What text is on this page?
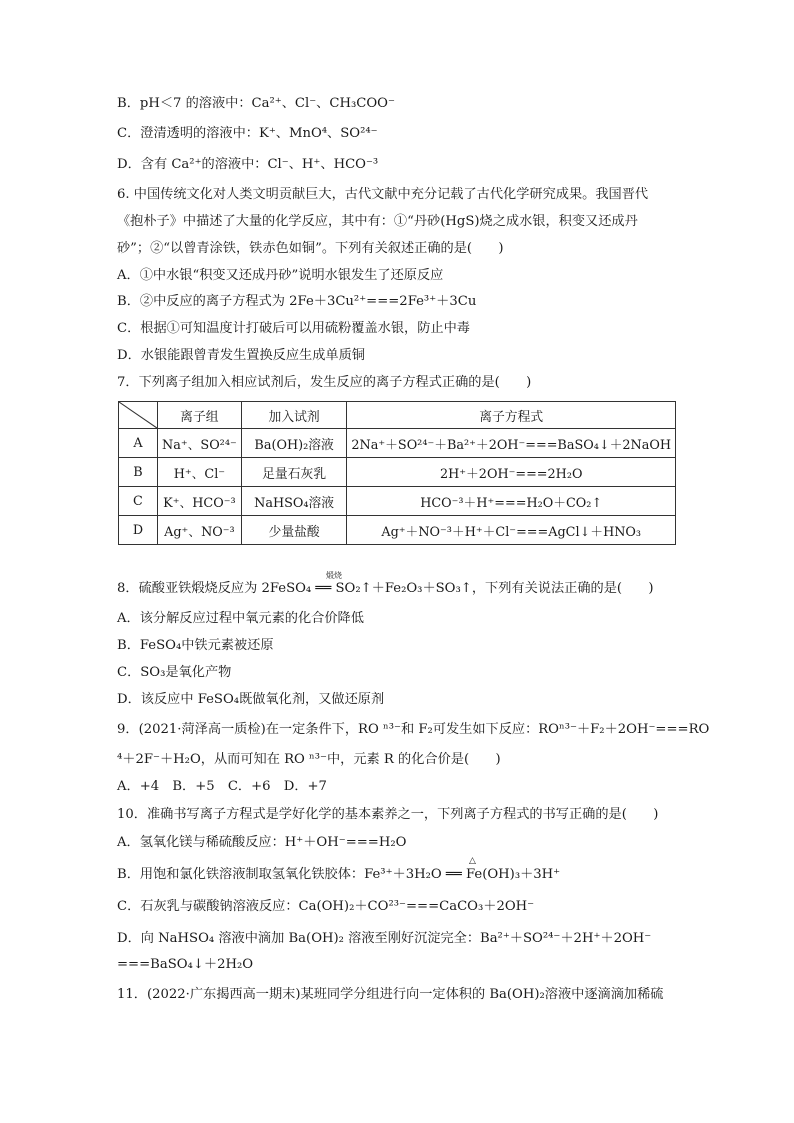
B．pH＜7 的溶液中：Ca²⁺、Cl⁻、CH₃COO⁻
C．澄清透明的溶液中：K⁺、MnO⁴、SO²⁴⁻
D．含有 Ca²⁺的溶液中：Cl⁻、H⁺、HCO⁻³
6. 中国传统文化对人类文明贡献巨大，古代文献中充分记载了古代化学研究成果。我国晋代
《抱朴子》中描述了大量的化学反应，其中有：①“丹砂(HgS)烧之成水银，积变又还成丹
砂”；②“以曾青涂铁，铁赤色如铜”。下列有关叙述正确的是(　　)
A．①中水银“积变又还成丹砂”说明水银发生了还原反应
B．②中反应的离子方程式为 2Fe＋3Cu²⁺===2Fe³⁺＋3Cu
C．根据①可知温度计打破后可以用硫粉覆盖水银，防止中毒
D．水银能跟曾青发生置换反应生成单质铜
7．下列离子组加入相应试剂后，发生反应的离子方程式正确的是(　　)
	离子组	加入试剂	离子方程式
A	Na⁺、SO²⁴⁻	Ba(OH)₂溶液	2Na⁺＋SO²⁴⁻＋Ba²⁺＋2OH⁻===BaSO₄↓＋2NaOH
B	H⁺、Cl⁻	足量石灰乳	2H⁺＋2OH⁻===2H₂O
C	K⁺、HCO⁻³	NaHSO₄溶液	HCO⁻³＋H⁺===H₂O＋CO₂↑
D	Ag⁺、NO⁻³	少量盐酸	Ag⁺＋NO⁻³＋H⁺＋Cl⁻===AgCl↓＋HNO₃
8．硫酸亚铁煅烧反应为 2FeSO₄ ══ SO₂↑＋Fe₂O₃＋SO₃↑，下列有关说法正确的是(　　)
煅烧
A．该分解反应过程中氧元素的化合价降低
B．FeSO₄中铁元素被还原
C．SO₃是氧化产物
D．该反应中 FeSO₄既做氧化剂，又做还原剂
9．(2021·菏泽高一质检)在一定条件下，RO ⁿ³⁻和 F₂可发生如下反应：ROⁿ³⁻＋F₂＋2OH⁻===RO
⁴＋2F⁻＋H₂O，从而可知在 RO ⁿ³⁻中，元素 R 的化合价是(　　)
A．+4　B．+5　C．+6　D．+7
10．准确书写离子方程式是学好化学的基本素养之一，下列离子方程式的书写正确的是(　　)
A．氢氧化镁与稀硫酸反应：H⁺＋OH⁻===H₂O
B．用饱和氯化铁溶液制取氢氧化铁胶体：Fe³⁺＋3H₂O ══ Fe(OH)₃＋3H⁺
△
C．石灰乳与碳酸钠溶液反应：Ca(OH)₂＋CO²³⁻===CaCO₃＋2OH⁻
D．向 NaHSO₄ 溶液中滴加 Ba(OH)₂ 溶液至刚好沉淀完全：Ba²⁺＋SO²⁴⁻＋2H⁺＋2OH⁻
===BaSO₄↓＋2H₂O
11．(2022·广东揭西高一期末)某班同学分组进行向一定体积的 Ba(OH)₂溶液中逐滴滴加稀硫
